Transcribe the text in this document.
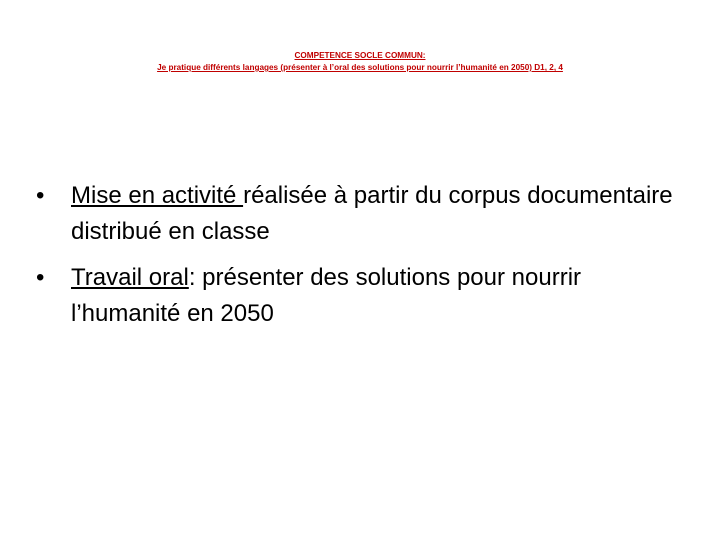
COMPETENCE SOCLE COMMUN:
Je pratique différents langages (présenter à l’oral des solutions pour nourrir l’humanité en 2050) D1, 2, 4
•	Mise en activité réalisée à partir du corpus documentaire distribué en classe
•	Travail oral: présenter des solutions pour nourrir l’humanité en 2050
